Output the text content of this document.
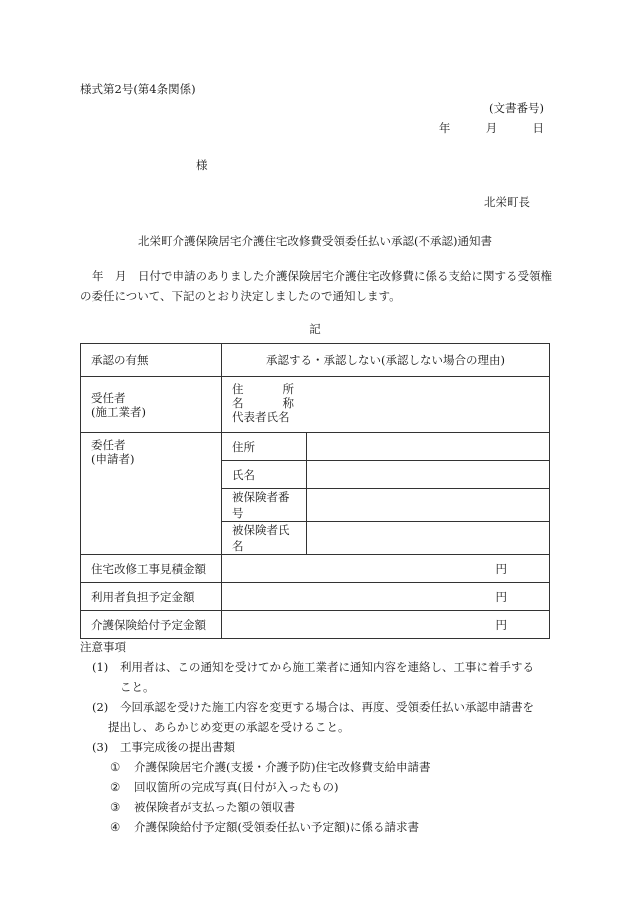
様式第2号(第4条関係)
(文書番号)
年	月	日
様
北栄町長
北栄町介護保険居宅介護住宅改修費受領委任払い承認(不承認)通知書
年　月　日付で申請のありました介護保険居宅介護住宅改修費に係る支給に関する受領権の委任について、下記のとおり決定しましたので通知します。
記
承認の有無	承認する・承認しない(承認しない場合の理由)	

受任者
(施工業者)	住 所
名 称
代表者氏名	

委任者
(申請者)	住所	
	氏名	
	被保険者番号	
	被保険者氏名	
住宅改修工事見積金額	円	
利用者負担予定金額	円	
介護保険給付予定金額	円	
注意事項
(1) 利用者は、この通知を受けてから施工業者に通知内容を連絡し、工事に着手する
こと。
(2) 今回承認を受けた施工内容を変更する場合は、再度、受領委任払い承認申請書を
提出し、あらかじめ変更の承認を受けること。
(3) 工事完成後の提出書類
① 介護保険居宅介護(支援・介護予防)住宅改修費支給申請書
② 回収箇所の完成写真(日付が入ったもの)
③ 被保険者が支払った額の領収書
④ 介護保険給付予定額(受領委任払い予定額)に係る請求書
